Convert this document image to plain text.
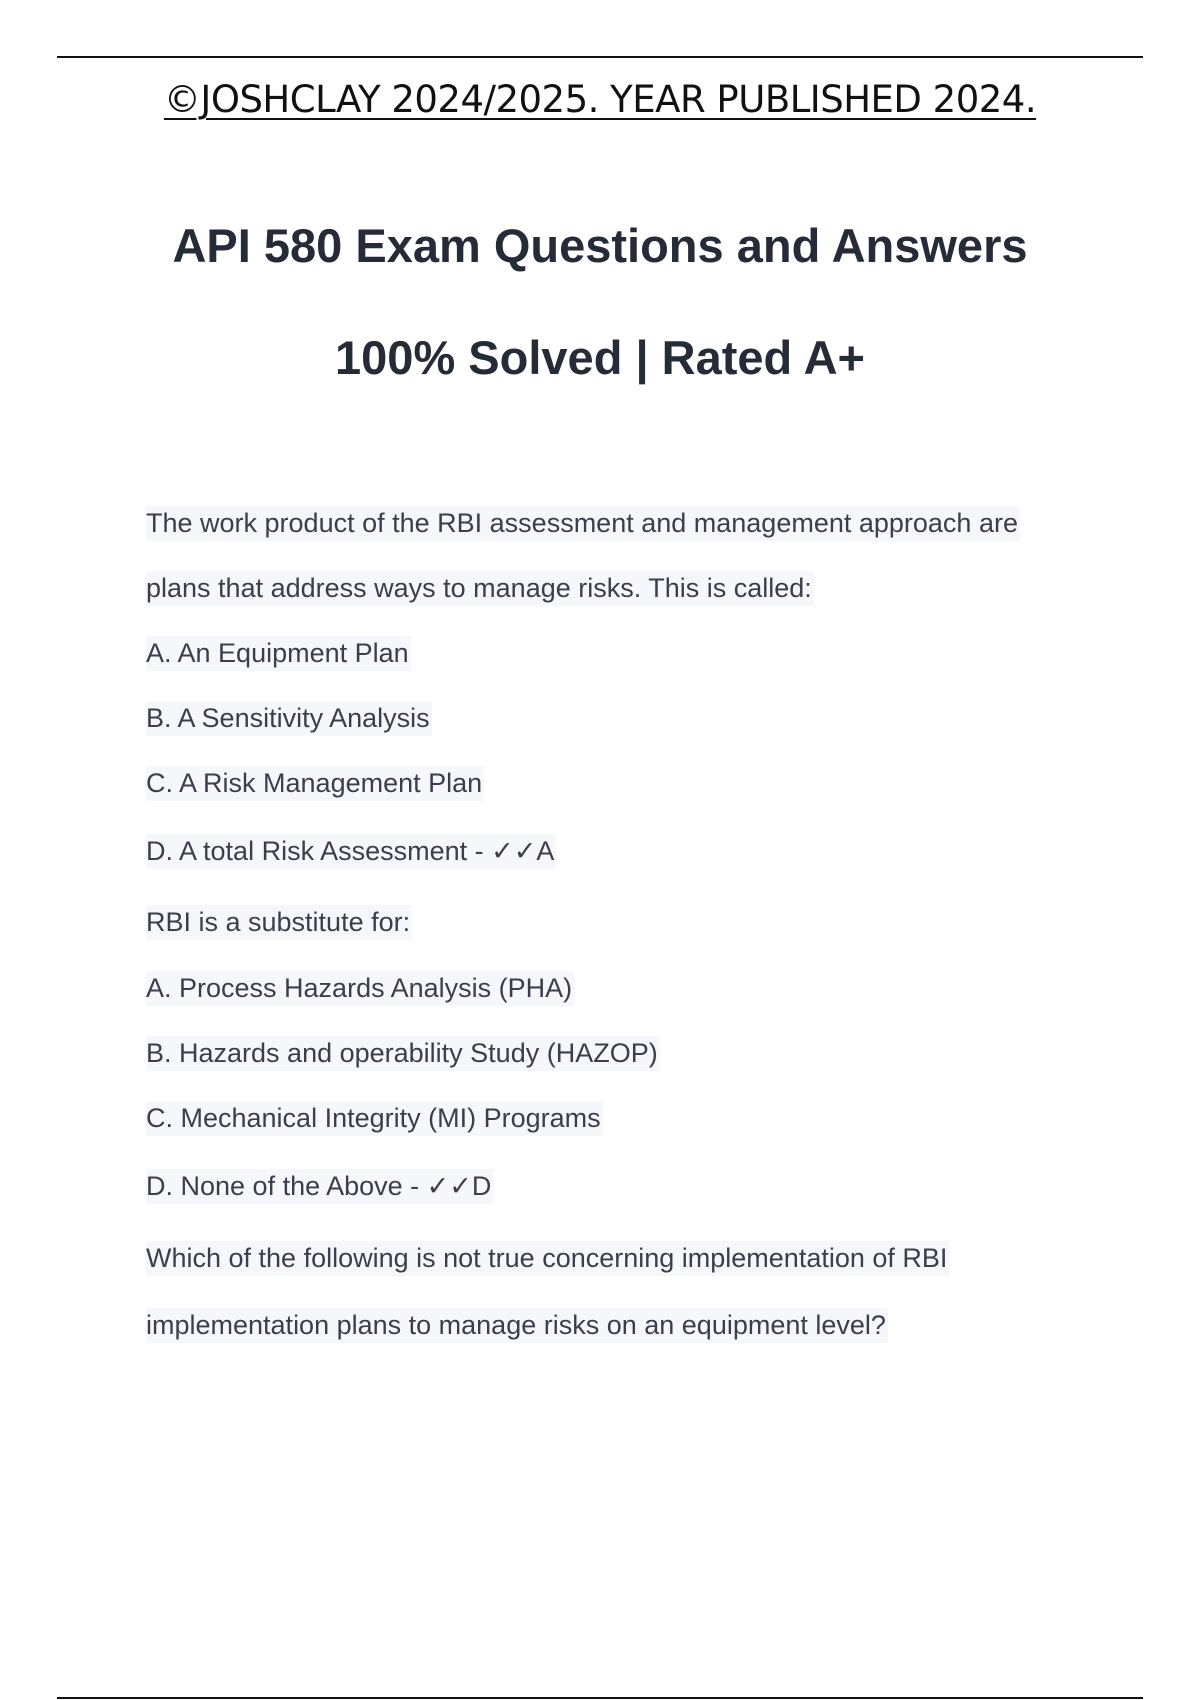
©JOSHCLAY 2024/2025. YEAR PUBLISHED 2024.
API 580 Exam Questions and Answers
100% Solved | Rated A+
The work product of the RBI assessment and management approach are
plans that address ways to manage risks. This is called:
A. An Equipment Plan
B. A Sensitivity Analysis
C. A Risk Management Plan
D. A total Risk Assessment - ✓✓A
RBI is a substitute for:
A. Process Hazards Analysis (PHA)
B. Hazards and operability Study (HAZOP)
C. Mechanical Integrity (MI) Programs
D. None of the Above - ✓✓D
Which of the following is not true concerning implementation of RBI
implementation plans to manage risks on an equipment level?
